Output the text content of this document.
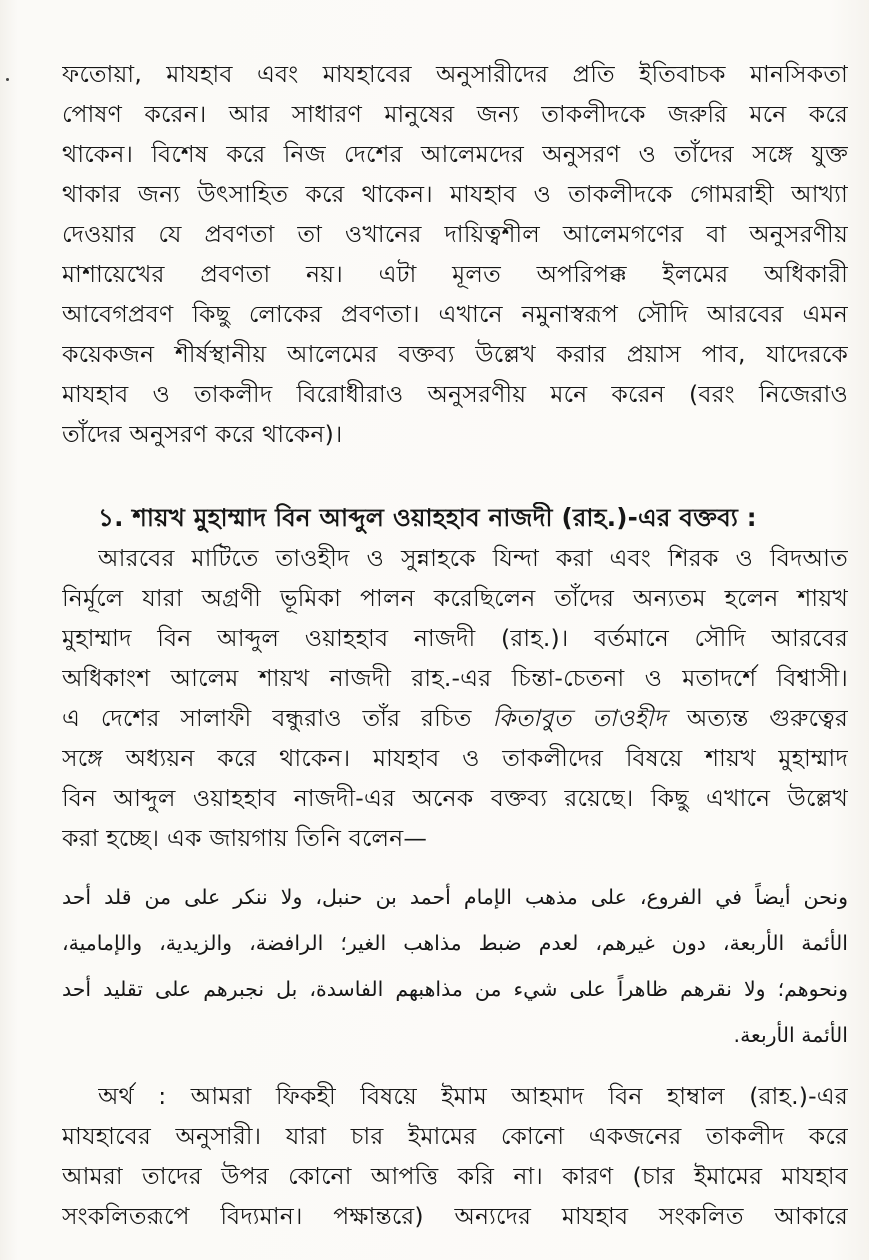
ফতোয়া, মাযহাব এবং মাযহাবের অনুসারীদের প্রতি ইতিবাচক মানসিকতা
পোষণ করেন। আর সাধারণ মানুষের জন্য তাকলীদকে জরুরি মনে করে
থাকেন। বিশেষ করে নিজ দেশের আলেমদের অনুসরণ ও তাঁদের সঙ্গে যুক্ত
থাকার জন্য উৎসাহিত করে থাকেন। মাযহাব ও তাকলীদকে গোমরাহী আখ্যা
দেওয়ার যে প্রবণতা তা ওখানের দায়িত্বশীল আলেমগণের বা অনুসরণীয়
মাশায়েখের প্রবণতা নয়। এটা মূলত অপরিপক্ক ইলমের অধিকারী
আবেগপ্রবণ কিছু লোকের প্রবণতা। এখানে নমুনাস্বরূপ সৌদি আরবের এমন
কয়েকজন শীর্ষস্থানীয় আলেমের বক্তব্য উল্লেখ করার প্রয়াস পাব, যাদেরকে
মাযহাব ও তাকলীদ বিরোধীরাও অনুসরণীয় মনে করেন (বরং নিজেরাও
তাঁদের অনুসরণ করে থাকেন)।
১. শায়খ মুহাম্মাদ বিন আব্দুল ওয়াহহাব নাজদী (রাহ.)-এর বক্তব্য :
আরবের মাটিতে তাওহীদ ও সুন্নাহকে যিন্দা করা এবং শিরক ও বিদআত
নির্মূলে যারা অগ্রণী ভূমিকা পালন করেছিলেন তাঁদের অন্যতম হলেন শায়খ
মুহাম্মাদ বিন আব্দুল ওয়াহহাব নাজদী (রাহ.)। বর্তমানে সৌদি আরবের
অধিকাংশ আলেম শায়খ নাজদী রাহ.-এর চিন্তা-চেতনা ও মতাদর্শে বিশ্বাসী।
এ দেশের সালাফী বন্ধুরাও তাঁর রচিত কিতাবুত তাওহীদ অত্যন্ত গুরুত্বের
সঙ্গে অধ্যয়ন করে থাকেন। মাযহাব ও তাকলীদের বিষয়ে শায়খ মুহাম্মাদ
বিন আব্দুল ওয়াহহাব নাজদী-এর অনেক বক্তব্য রয়েছে। কিছু এখানে উল্লেখ
করা হচ্ছে। এক জায়গায় তিনি বলেন—
ونحن أيضاً في الفروع، على مذهب الإمام أحمد بن حنبل، ولا ننكر على من قلد أحد
الأئمة الأربعة، دون غيرهم، لعدم ضبط مذاهب الغير؛ الرافضة، والزيدية، والإمامية،
ونحوهم؛ ولا نقرهم ظاهراً على شيء من مذاهبهم الفاسدة، بل نجبرهم على تقليد أحد
الأئمة الأربعة.
অর্থ : আমরা ফিকহী বিষয়ে ইমাম আহমাদ বিন হাম্বাল (রাহ.)-এর
মাযহাবের অনুসারী। যারা চার ইমামের কোনো একজনের তাকলীদ করে
আমরা তাদের উপর কোনো আপত্তি করি না। কারণ (চার ইমামের মাযহাব
সংকলিতরূপে বিদ্যমান। পক্ষান্তরে) অন্যদের মাযহাব সংকলিত আকারে
